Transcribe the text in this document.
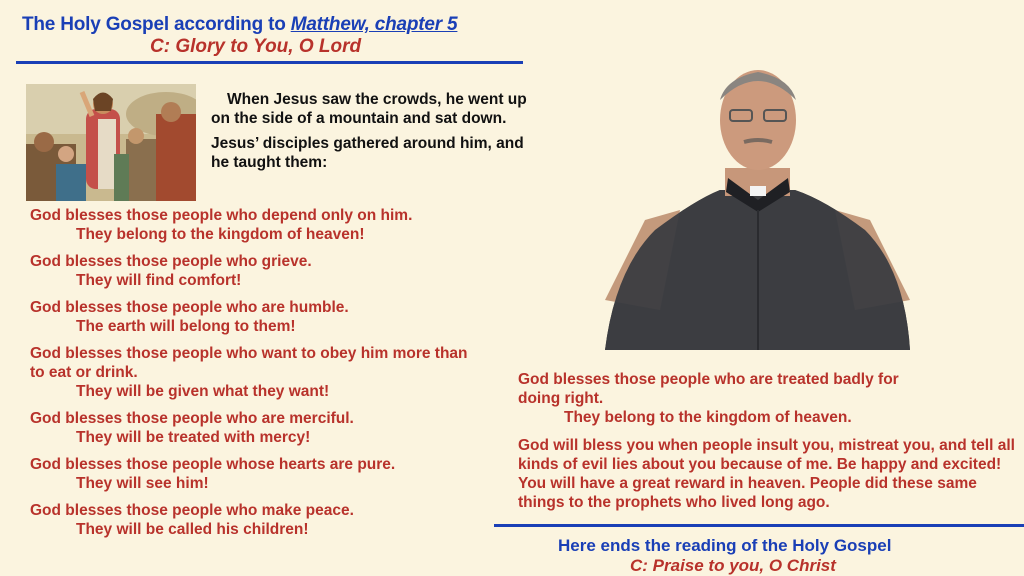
The Holy Gospel according to Matthew, chapter 5
C: Glory to You, O Lord

When Jesus saw the crowds, he went up on the side of a mountain and sat down.

Jesus’ disciples gathered around him, and he taught them:

God blesses those people who depend only on him.
They belong to the kingdom of heaven!
God blesses those people who grieve.
They will find comfort!
God blesses those people who are humble.
The earth will belong to them!
God blesses those people who want to obey him more than to eat or drink.
They will be given what they want!
God blesses those people who are merciful.
They will be treated with mercy!
God blesses those people whose hearts are pure.
They will see him!
God blesses those people who make peace.
They will be called his children!
God blesses those people who are treated badly for doing right.
They belong to the kingdom of heaven.
God will bless you when people insult you, mistreat you, and tell all kinds of evil lies about you because of me. Be happy and excited! You will have a great reward in heaven. People did these same things to the prophets who lived long ago.
Here ends the reading of the Holy Gospel
C: Praise to you, O Christ
